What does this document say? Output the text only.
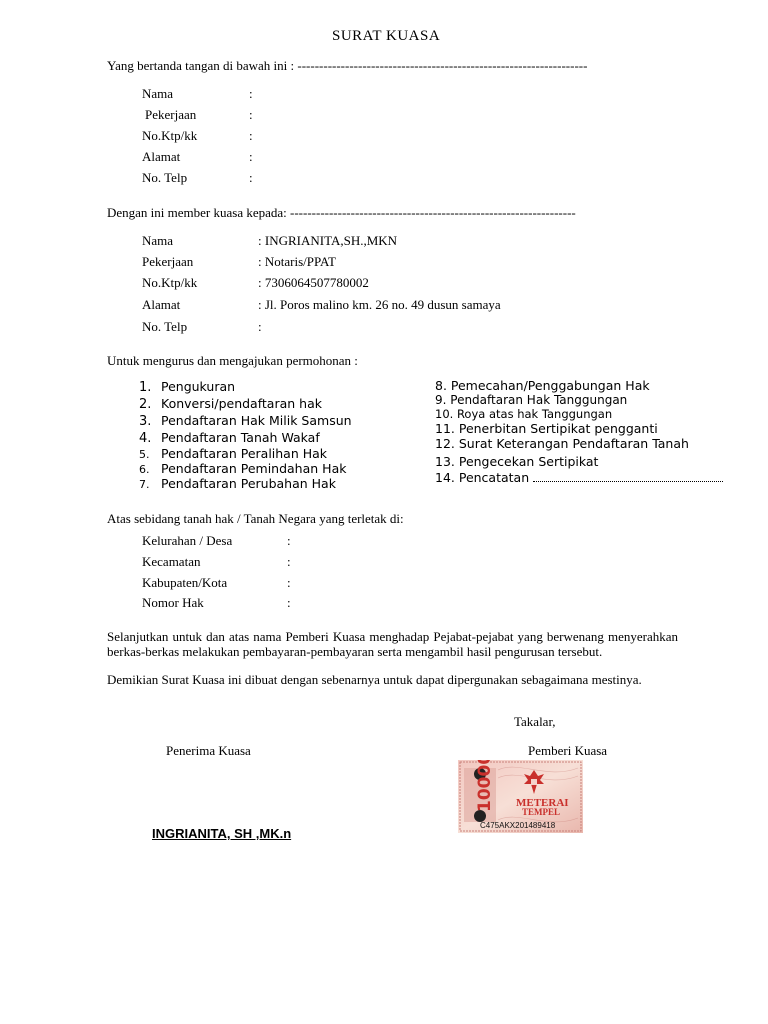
SURAT KUASA
Yang bertanda tangan di bawah ini : -------------------------------------------------------------------
Nama	:
Pekerjaan	:
No.Ktp/kk	:
Alamat	:
No. Telp	:
Dengan ini member kuasa kepada: ------------------------------------------------------------------
Nama	: INGRIANITA,SH.,MKN
Pekerjaan	: Notaris/PPAT
No.Ktp/kk	: 7306064507780002
Alamat	: Jl. Poros malino km. 26 no. 49 dusun samaya
No. Telp	:
Untuk mengurus dan mengajukan permohonan :
1. Pengukuran
2. Konversi/pendaftaran hak
3. Pendaftaran Hak Milik Samsun
4. Pendaftaran Tanah Wakaf
5. Pendaftaran Peralihan Hak
6. Pendaftaran Pemindahan Hak
7. Pendaftaran Perubahan Hak
8. Pemecahan/Penggabungan Hak
9. Pendaftaran Hak Tanggungan
10. Roya atas hak Tanggungan
11. Penerbitan Sertipikat pengganti
12. Surat Keterangan Pendaftaran Tanah
13. Pengecekan Sertipikat
14. Pencatatan
Atas sebidang tanah hak / Tanah Negara yang terletak di:
Kelurahan / Desa	:
Kecamatan	:
Kabupaten/Kota	:
Nomor Hak	:
Selanjutkan untuk dan atas nama Pemberi Kuasa menghadap Pejabat-pejabat yang berwenang menyerahkan berkas-berkas melakukan pembayaran-pembayaran serta mengambil hasil pengurusan tersebut.
Demikian Surat Kuasa ini dibuat dengan sebenarnya untuk dapat dipergunakan sebagaimana mestinya.
Takalar,
Penerima Kuasa	Pemberi Kuasa
10000 METERAI
TEMPEL
C475AKX201489418
INGRIANITA, SH ,MK.n
